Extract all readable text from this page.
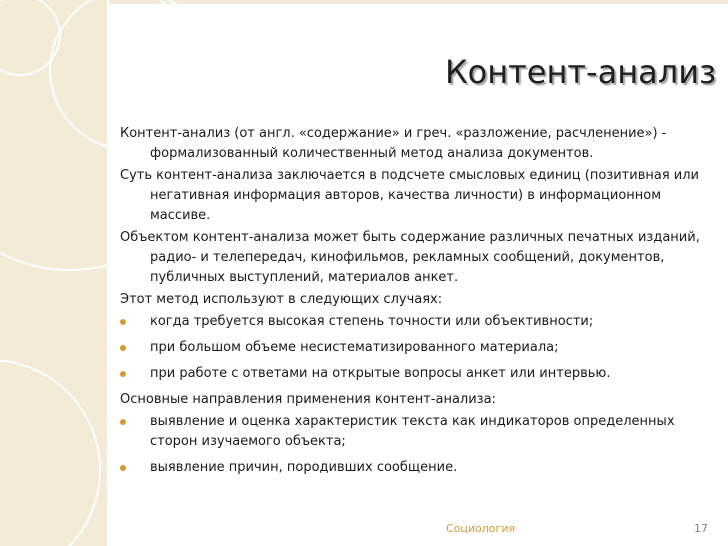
Контент-анализ

Контент-анализ (от англ. «содержание» и греч. «разложение, расчленение») - формализованный количественный метод анализа документов.

Суть контент-анализа заключается в подсчете смысловых единиц (позитивная или негативная информация авторов, качества личности) в информационном массиве.

Объектом контент-анализа может быть содержание различных печатных изданий, радио- и телепередач, кинофильмов, рекламных сообщений, документов, публичных выступлений, материалов анкет.

Этот метод используют в следующих случаях:

когда требуется высокая степень точности или объективности;
при большом объеме несистематизированного материала;
при работе с ответами на открытые вопросы анкет или интервью.

Основные направления применения контент-анализа:

выявление и оценка характеристик текста как индикаторов определенных сторон изучаемого объекта;
выявление причин, породивших сообщение.
Социология	17
